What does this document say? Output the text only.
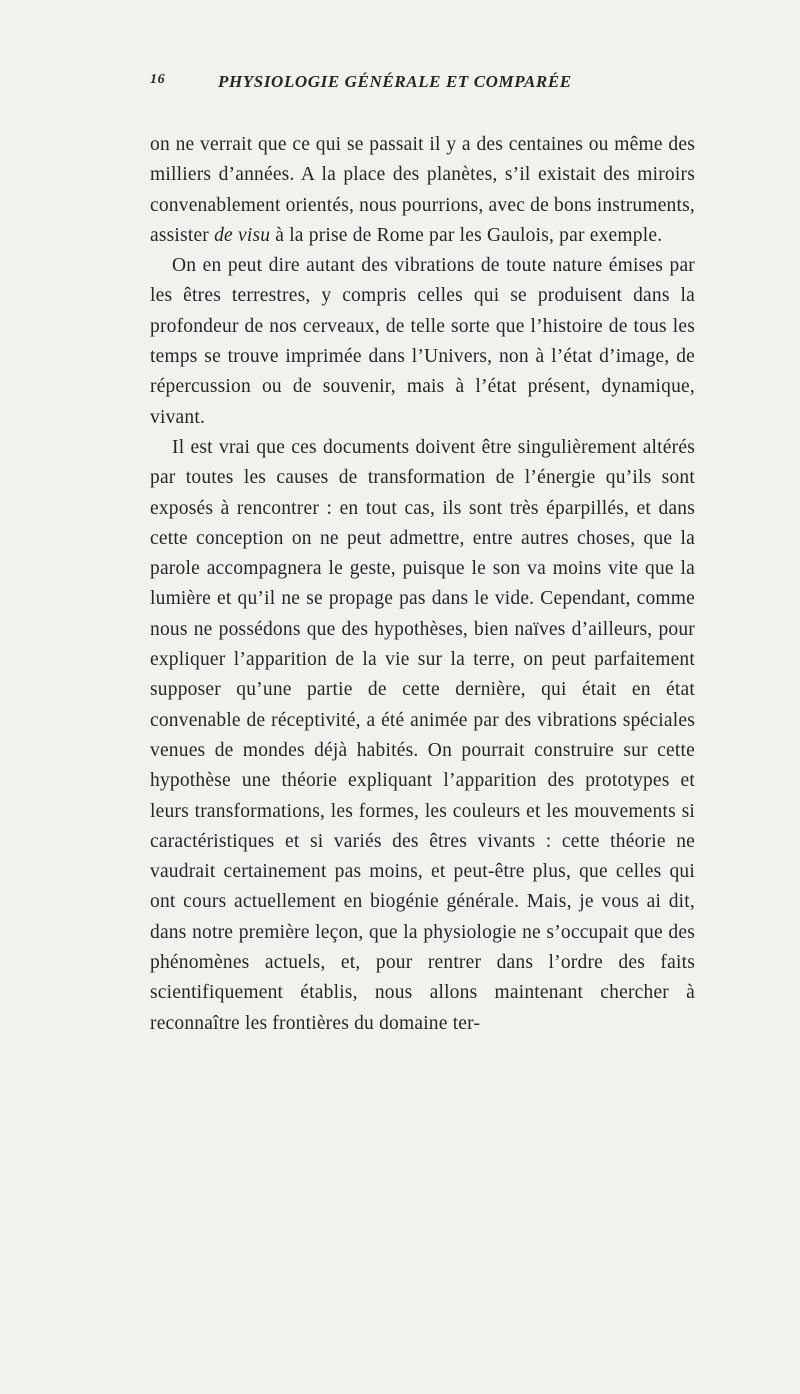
16	PHYSIOLOGIE GÉNÉRALE ET COMPARÉE

on ne verrait que ce qui se passait il y a des centaines ou même des milliers d’années. A la place des planètes, s’il existait des miroirs convenablement orientés, nous pourrions, avec de bons instruments, assister de visu à la prise de Rome par les Gaulois, par exemple.

On en peut dire autant des vibrations de toute nature émises par les êtres terrestres, y compris celles qui se produisent dans la profondeur de nos cerveaux, de telle sorte que l’histoire de tous les temps se trouve imprimée dans l’Univers, non à l’état d’image, de répercussion ou de souvenir, mais à l’état présent, dynamique, vivant.

Il est vrai que ces documents doivent être singulièrement altérés par toutes les causes de transformation de l’énergie qu’ils sont exposés à rencontrer : en tout cas, ils sont très éparpillés, et dans cette conception on ne peut admettre, entre autres choses, que la parole accompagnera le geste, puisque le son va moins vite que la lumière et qu’il ne se propage pas dans le vide. Cependant, comme nous ne possédons que des hypothèses, bien naïves d’ailleurs, pour expliquer l’apparition de la vie sur la terre, on peut parfaitement supposer qu’une partie de cette dernière, qui était en état convenable de réceptivité, a été animée par des vibrations spéciales venues de mondes déjà habités. On pourrait construire sur cette hypothèse une théorie expliquant l’apparition des prototypes et leurs transformations, les formes, les couleurs et les mouvements si caractéristiques et si variés des êtres vivants : cette théorie ne vaudrait certainement pas moins, et peut-être plus, que celles qui ont cours actuellement en biogénie générale. Mais, je vous ai dit, dans notre première leçon, que la physiologie ne s’occupait que des phénomènes actuels, et, pour rentrer dans l’ordre des faits scientifiquement établis, nous allons maintenant chercher à reconnaître les frontières du domaine ter-
